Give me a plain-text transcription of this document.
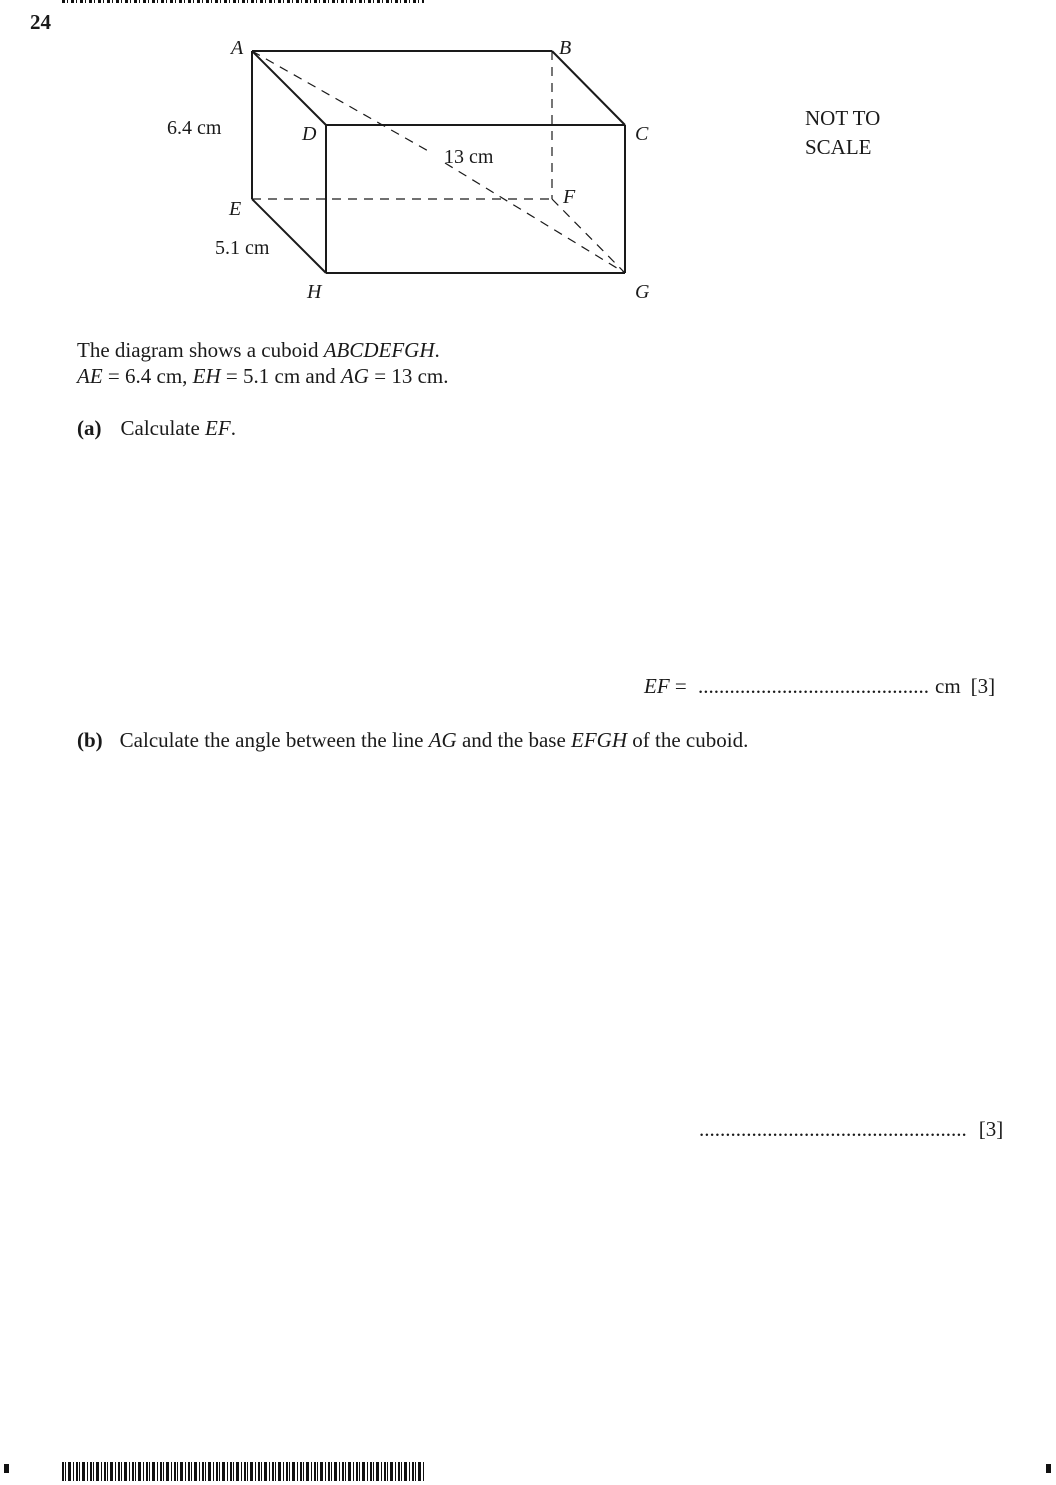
24
A	B
C
D
E
F
G
H
6.4 cm
5.1 cm
13 cm
NOT TO
SCALE
The diagram shows a cuboid ABCDEFGH.
AE = 6.4 cm, EH = 5.1 cm and AG = 13 cm.
(a) Calculate EF.
EF = ............................................ cm [3]
(b) Calculate the angle between the line AG and the base EFGH of the cuboid.
................................................... [3]
